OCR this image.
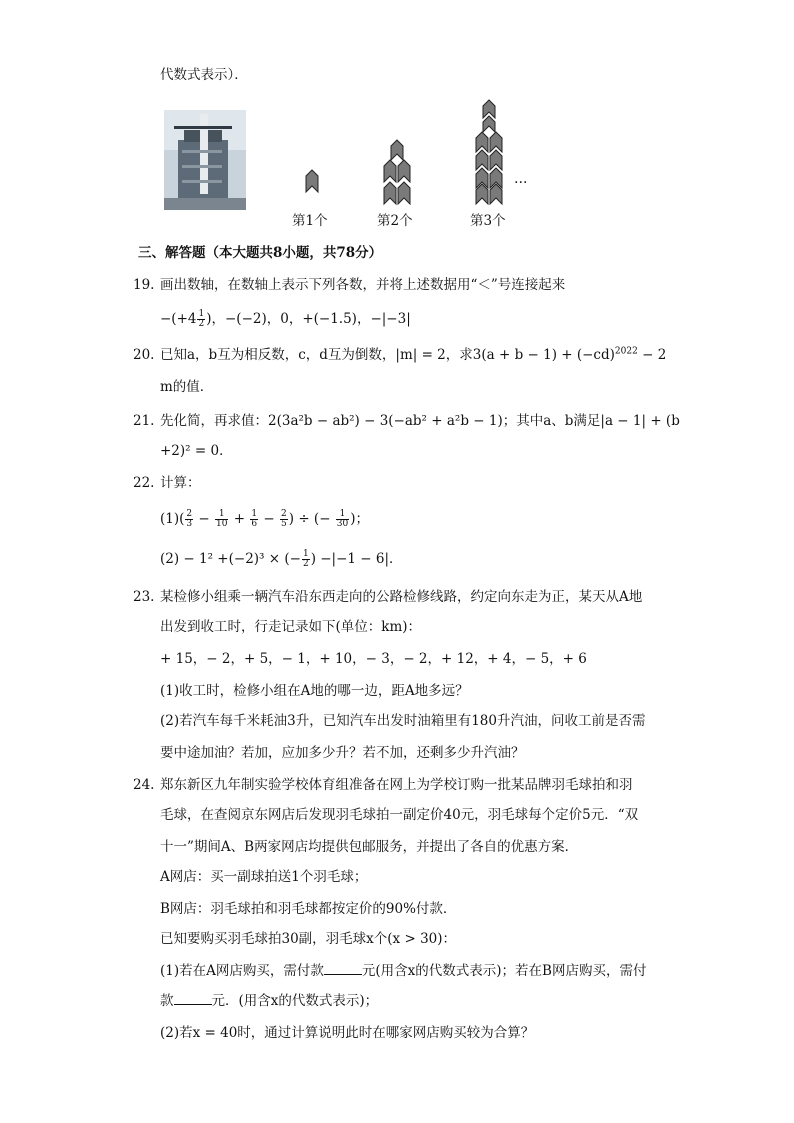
代数式表示）．
…
第1个	第2个	第3个
三、解答题（本大题共8小题，共78分）
19. 画出数轴，在数轴上表示下列各数，并将上述数据用“＜”号连接起来
$-(+4 \frac{1}{2}$ )，−(−2)，0，+(−1.5)，−|−3|
20. 已知a，b互为相反数，c，d互为倒数，|m| = 2，求$3(a + b - 1) + (-cd)^{2022} - 2$
m的值．
21. 先化简，再求值：2(3a²b − ab²) − 3(−ab² + a²b − 1)；其中a、b满足|a − 1| + (b
+2)² = 0．
22. 计算：
$(1)( \frac{2}{3} - \frac{1}{10} + \frac{1}{6} - \frac{2}{5}$ ) ÷ (− $\frac{1}{30}$ )；
(2) − 1² +(−2)³ × (− $\frac{1}{2}$ ) −|−1 − 6|．
23. 某检修小组乘一辆汽车沿东西走向的公路检修线路，约定向东走为正，某天从A地
出发到收工时，行走记录如下(单位：km)：
+ 15，− 2，+ 5，− 1，+ 10，− 3，− 2，+ 12，+ 4，− 5，+ 6
(1)收工时，检修小组在A地的哪一边，距A地多远？
(2)若汽车每千米耗油3升，已知汽车出发时油箱里有180升汽油，问收工前是否需
要中途加油？若加，应加多少升？若不加，还剩多少升汽油？
24. 郑东新区九年制实验学校体育组准备在网上为学校订购一批某品牌羽毛球拍和羽
毛球，在查阅京东网店后发现羽毛球拍一副定价40元，羽毛球每个定价5元．“双
十一”期间A、B两家网店均提供包邮服务，并提出了各自的优惠方案．
A网店：买一副球拍送1个羽毛球；
B网店：羽毛球拍和羽毛球都按定价的90%付款．
已知要购买羽毛球拍30副，羽毛球x个(x > 30)：
(1)若在A网店购买，需付款	元(用含x的代数式表示)；若在B网店购买，需付
款	元．(用含x的代数式表示)；
(2)若x = 40时，通过计算说明此时在哪家网店购买较为合算？
